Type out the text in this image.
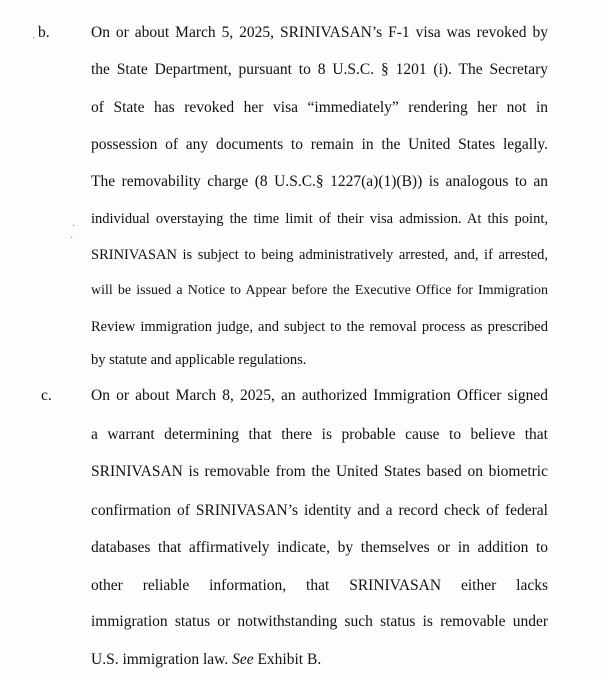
b.	On or about March 5, 2025, SRINIVASAN’s F-1 visa was revoked by
the State Department, pursuant to 8 U.S.C. § 1201 (i). The Secretary
of State has revoked her visa “immediately” rendering her not in
possession of any documents to remain in the United States legally.
The removability charge (8 U.S.C.§ 1227(a)(1)(B)) is analogous to an
individual overstaying the time limit of their visa admission. At this point,
SRINIVASAN is subject to being administratively arrested, and, if arrested,
will be issued a Notice to Appear before the Executive Office for Immigration
Review immigration judge, and subject to the removal process as prescribed
by statute and applicable regulations.
c.	On or about March 8, 2025, an authorized Immigration Officer signed
a warrant determining that there is probable cause to believe that
SRINIVASAN is removable from the United States based on biometric
confirmation of SRINIVASAN’s identity and a record check of federal
databases that affirmatively indicate, by themselves or in addition to
other reliable information, that SRINIVASAN either lacks
immigration status or notwithstanding such status is removable under
U.S. immigration law. See Exhibit B.
·
·
·
